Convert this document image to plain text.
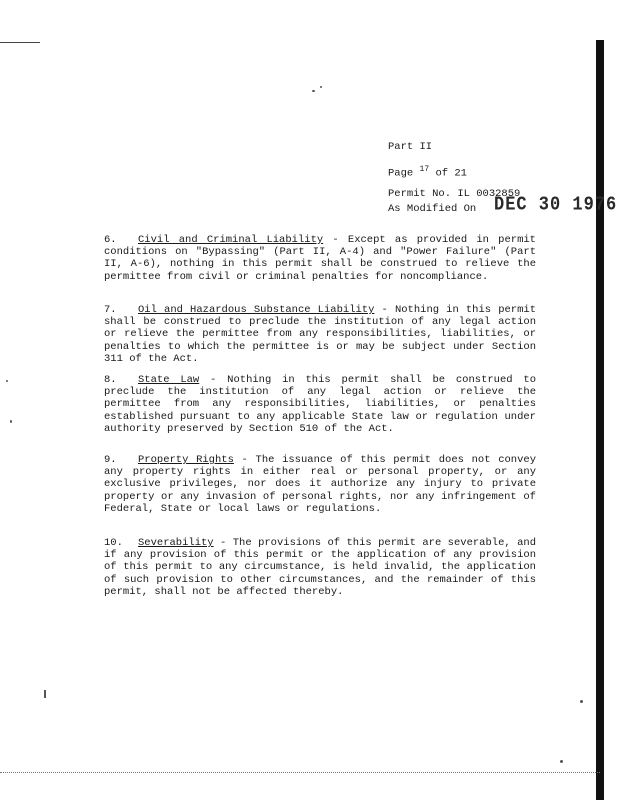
Part II
Page $^{17}$ of 21
Permit No. IL 0032859
As Modified On DEC 30 1976
6. Civil and Criminal Liability - Except as provided in permit conditions on "Bypassing" (Part II, A-4) and "Power Failure" (Part II, A-6), nothing in this permit shall be construed to relieve the permittee from civil or criminal penalties for noncompliance.
7. Oil and Hazardous Substance Liability - Nothing in this permit shall be construed to preclude the institution of any legal action or relieve the permittee from any responsibilities, liabilities, or penalties to which the permittee is or may be subject under Section 311 of the Act.
8. State Law - Nothing in this permit shall be construed to preclude the institution of any legal action or relieve the permittee from any responsibilities, liabilities, or penalties established pursuant to any applicable State law or regulation under authority preserved by Section 510 of the Act.
9. Property Rights - The issuance of this permit does not convey any property rights in either real or personal property, or any exclusive privileges, nor does it authorize any injury to private property or any invasion of personal rights, nor any infringement of Federal, State or local laws or regulations.
10. Severability - The provisions of this permit are severable, and if any provision of this permit or the application of any provision of this permit to any circumstance, is held invalid, the application of such provision to other circumstances, and the remainder of this permit, shall not be affected thereby.
